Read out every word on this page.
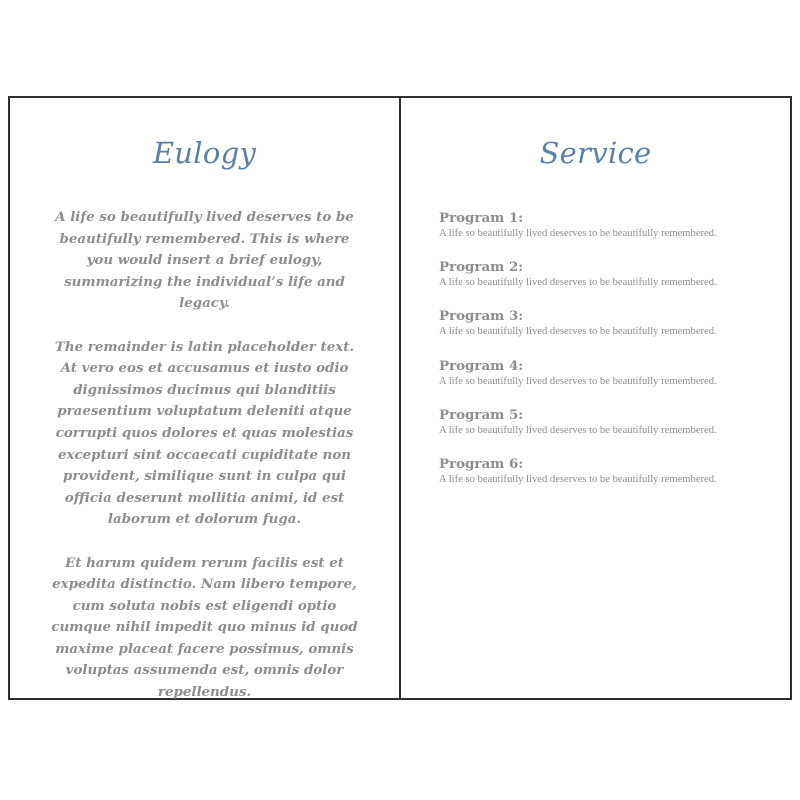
Eulogy

A life so beautifully lived deserves to be beautifully remembered. This is where you would insert a brief eulogy, summarizing the individual’s life and legacy.

The remainder is latin placeholder text. At vero eos et accusamus et iusto odio dignissimos ducimus qui blanditiis praesentium voluptatum deleniti atque corrupti quos dolores et quas molestias excepturi sint occaecati cupiditate non provident, similique sunt in culpa qui officia deserunt mollitia animi, id est laborum et dolorum fuga.

Et harum quidem rerum facilis est et expedita distinctio. Nam libero tempore, cum soluta nobis est eligendi optio cumque nihil impedit quo minus id quod maxime placeat facere possimus, omnis voluptas assumenda est, omnis dolor repellendus.

Service
Program 1:
A life so beautifully lived deserves to be beautifully remembered.
Program 2:
A life so beautifully lived deserves to be beautifully remembered.
Program 3:
A life so beautifully lived deserves to be beautifully remembered.
Program 4:
A life so beautifully lived deserves to be beautifully remembered.
Program 5:
A life so beautifully lived deserves to be beautifully remembered.
Program 6:
A life so beautifully lived deserves to be beautifully remembered.
